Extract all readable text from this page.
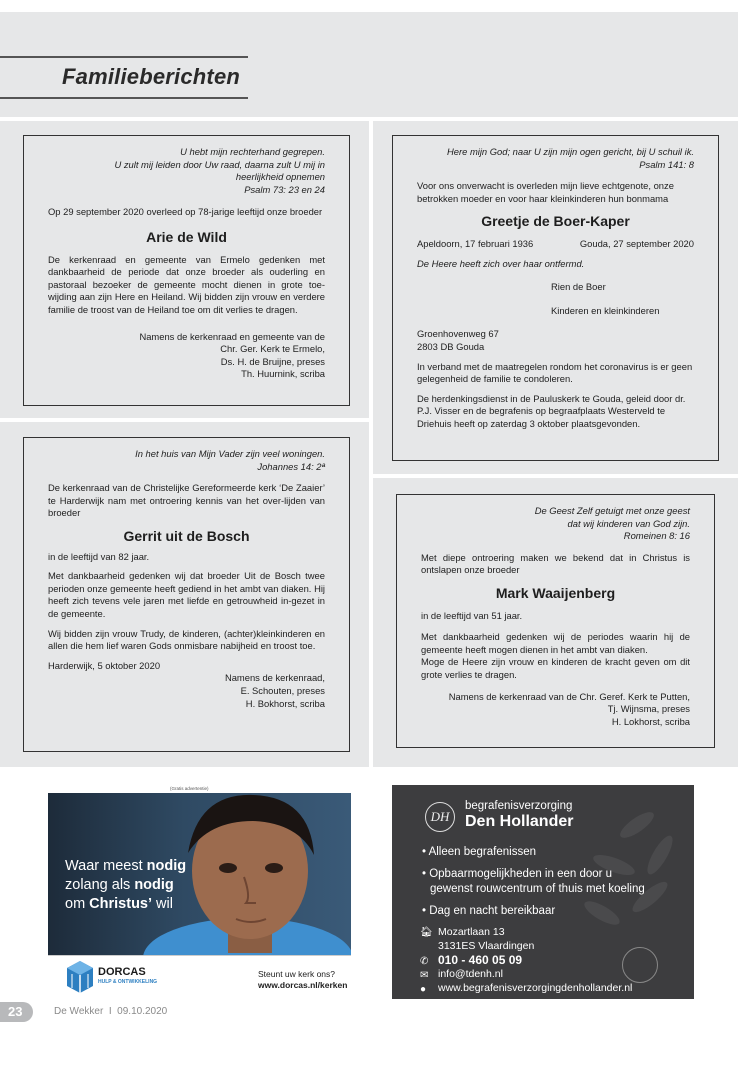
Familieberichten
U hebt mijn rechterhand gegrepen.
U zult mij leiden door Uw raad, daarna zult U mij in
heerlijkheid opnemen
Psalm 73: 23 en 24

Op 29 september 2020 overleed op 78-jarige leeftijd onze broeder

Arie de Wild

De kerkenraad en gemeente van Ermelo gedenken met dankbaarheid de periode dat onze broeder als ouderling en pastoraal bezoeker de gemeente mocht dienen in grote toe-wijding aan zijn Here en Heiland. Wij bidden zijn vrouw en verdere familie de troost van de Heiland toe om dit verlies te dragen.

Namens de kerkenraad en gemeente van de
Chr. Ger. Kerk te Ermelo,
Ds. H. de Bruijne, preses
Th. Huurnink, scriba
Here mijn God; naar U zijn mijn ogen gericht, bij U schuil ik.
Psalm 141: 8

Voor ons onverwacht is overleden mijn lieve echtgenote, onze betrokken moeder en voor haar kleinkinderen hun bonmama

Greetje de Boer-Kaper
Apeldoorn, 17 februari 1936	Gouda, 27 september 2020

De Heere heeft zich over haar ontfermd.

Rien de Boer

Kinderen en kleinkinderen

Groenhovenweg 67
2803 DB Gouda

In verband met de maatregelen rondom het coronavirus is er geen gelegenheid de familie te condoleren.

De herdenkingsdienst in de Pauluskerk te Gouda, geleid door dr. P.J. Visser en de begrafenis op begraafplaats Westerveld te Driehuis heeft op zaterdag 3 oktober plaatsgevonden.

In het huis van Mijn Vader zijn veel woningen.
Johannes 14: 2ª

De kerkenraad van de Christelijke Gereformeerde kerk ‘De Zaaier’ te Harderwijk nam met ontroering kennis van het over-lijden van broeder

Gerrit uit de Bosch

in de leeftijd van 82 jaar.

Met dankbaarheid gedenken wij dat broeder Uit de Bosch twee perioden onze gemeente heeft gediend in het ambt van diaken. Hij heeft zich tevens vele jaren met liefde en getrouwheid in-gezet in de gemeente.

Wij bidden zijn vrouw Trudy, de kinderen, (achter)kleinkinderen en allen die hem lief waren Gods onmisbare nabijheid en troost toe.

Harderwijk, 5 oktober 2020

Namens de kerkenraad,
E. Schouten, preses
H. Bokhorst, scriba
De Geest Zelf getuigt met onze geest
dat wij kinderen van God zijn.
Romeinen 8: 16

Met diepe ontroering maken we bekend dat in Christus is ontslapen onze broeder

Mark Waaijenberg

in de leeftijd van 51 jaar.

Met dankbaarheid gedenken wij de periodes waarin hij de gemeente heeft mogen dienen in het ambt van diaken.
Moge de Heere zijn vrouw en kinderen de kracht geven om dit grote verlies te dragen.
Namens de kerkenraad van de Chr. Geref. Kerk te Putten,
Tj. Wijnsma, preses
H. Lokhorst, scriba
(Gratis advertentie)
Waar meest nodig
zolang als nodig
om Christus’ wil
DORCAS
HULP & ONTWIKKELING
Steunt uw kerk ons?
www.dorcas.nl/kerken
DH
begrafenisverzorging
Den Hollander
• Alleen begrafenissen
• Opbaarmogelijkheden in een door u
gewenst rouwcentrum of thuis met koeling
• Dag en nacht bereikbaar
🏠︎ Mozartlaan 13
3131ES Vlaardingen
✆ 010 - 460 05 09
✉ info@tdenh.nl
● www.begrafenisverzorgingdenhollander.nl
23	De Wekker  I  09.10.2020
